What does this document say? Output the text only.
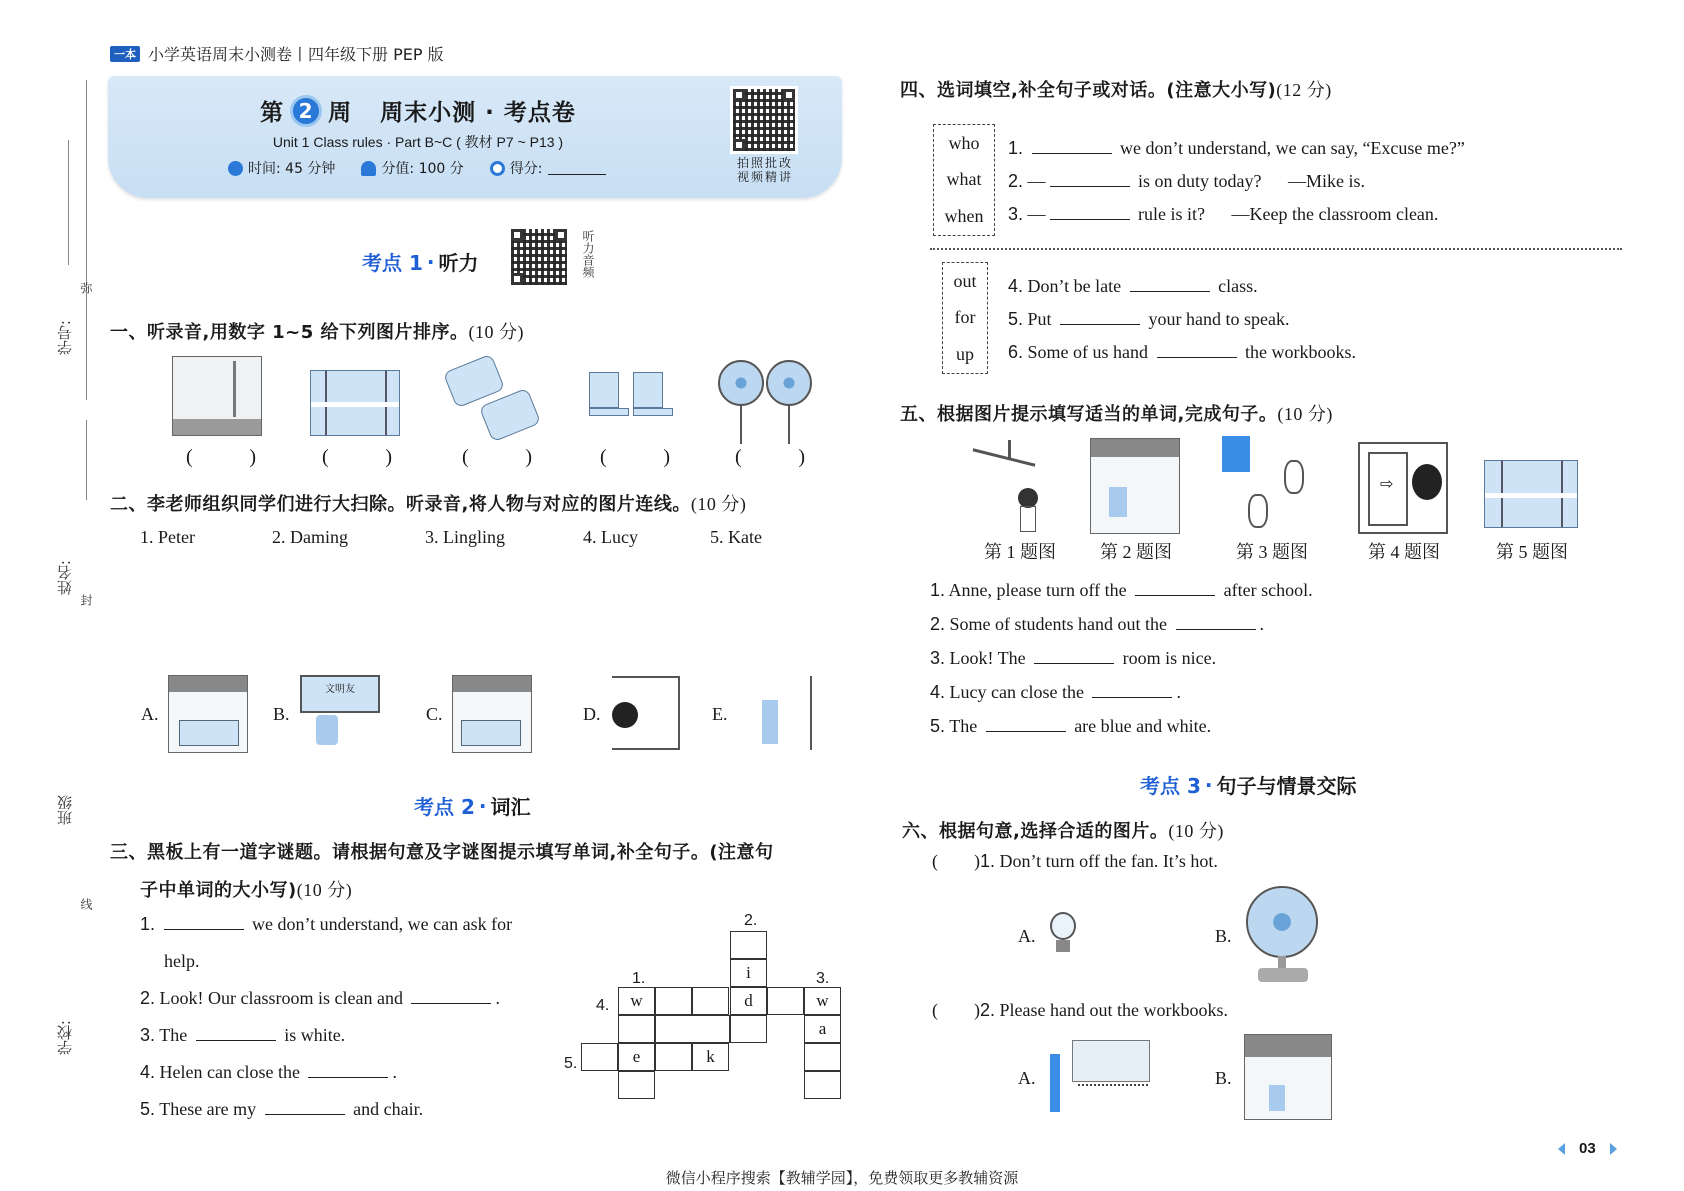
一本 小学英语周末小测卷丨四年级下册 PEP 版
学号:
弥
姓名:
封
班级
线
学校:
第 2 周 周末小测 · 考点卷
Unit 1 Class rules · Part B~C ( 教材 P7 ~ P13 )
时间: 45 分钟	分值: 100 分	得分:	拍照批改
视频精讲
考点 1 · 听力	听力音频
一、听录音,用数字 1~5 给下列图片排序。(10 分)
(	)	(	)	(	)	(	)	(	)
二、李老师组织同学们进行大扫除。听录音,将人物与对应的图片连线。(10 分)
1. Peter	2. Daming	3. Lingling	4. Lucy	5. Kate
A.	B.
文明友
C.	D.	E.
考点 2 · 词汇
三、黑板上有一道字谜题。请根据句意及字谜图提示填写单词,补全句子。(注意句
子中单词的大小写)(10 分)
1.	we don’t understand, we can ask for
help.
2. Look! Our classroom is clean and	.
3. The	is white.
4. Helen can close the	.
5. These are my	and chair.
2.
1.	3.
4.
5.
i
w	d	w
a
e	k
四、选词填空,补全句子或对话。(注意大小写)(12 分)
who
what
when
1.	we don’t understand, we can say, “Excuse me?”
2. —	is on duty today? —Mike is.
3. —	rule is it? —Keep the classroom clean.
out
for
up
4. Don’t be late	class.
5. Put	your hand to speak.
6. Some of us hand	the workbooks.
五、根据图片提示填写适当的单词,完成句子。(10 分)
⇨
第 1 题图	第 2 题图	第 3 题图	第 4 题图	第 5 题图
1. Anne, please turn off the	after school.
2. Some of students hand out the	.
3. Look! The	room is nice.
4. Lucy can close the	.
5. The	are blue and white.
考点 3 · 句子与情景交际
六、根据句意,选择合适的图片。(10 分)
(        )1. Don’t turn off the fan. It’s hot.
A.	B.
(        )2. Please hand out the workbooks.
A.	B.
03
微信小程序搜索【教辅学园】，免费领取更多教辅资源
